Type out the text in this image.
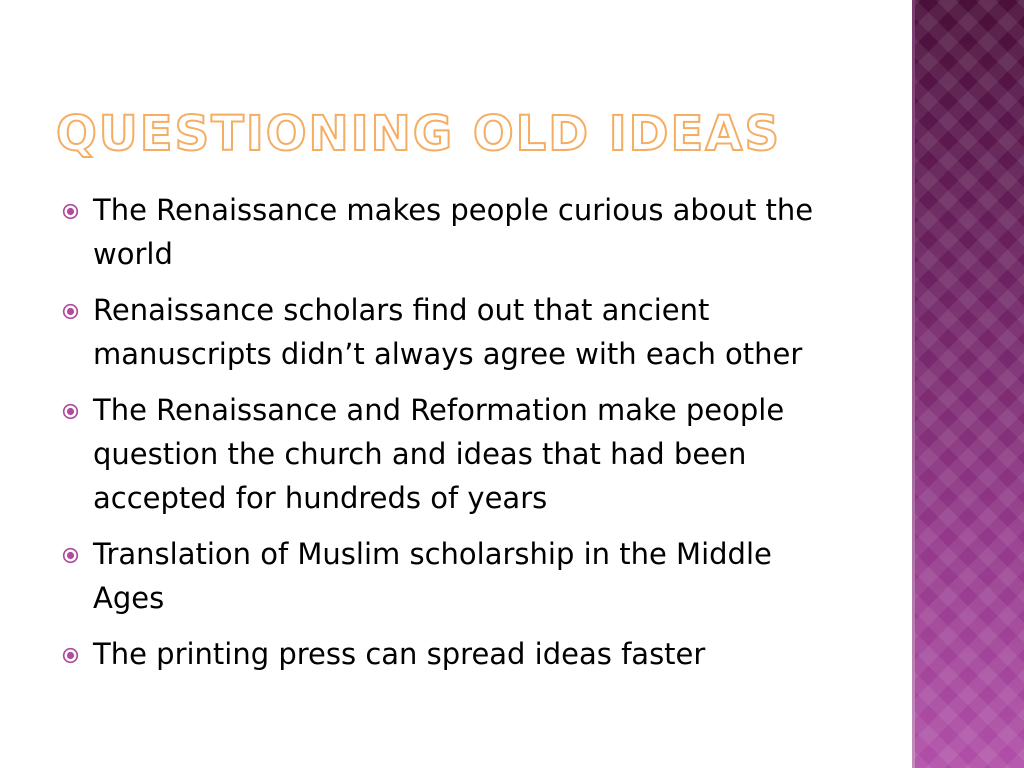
QUESTIONING OLD IDEAS
The Renaissance makes people curious about the world
Renaissance scholars find out that ancient manuscripts didn’t always agree with each other
The Renaissance and Reformation make people question the church and ideas that had been accepted for hundreds of years
Translation of Muslim scholarship in the Middle Ages
The printing press can spread ideas faster
